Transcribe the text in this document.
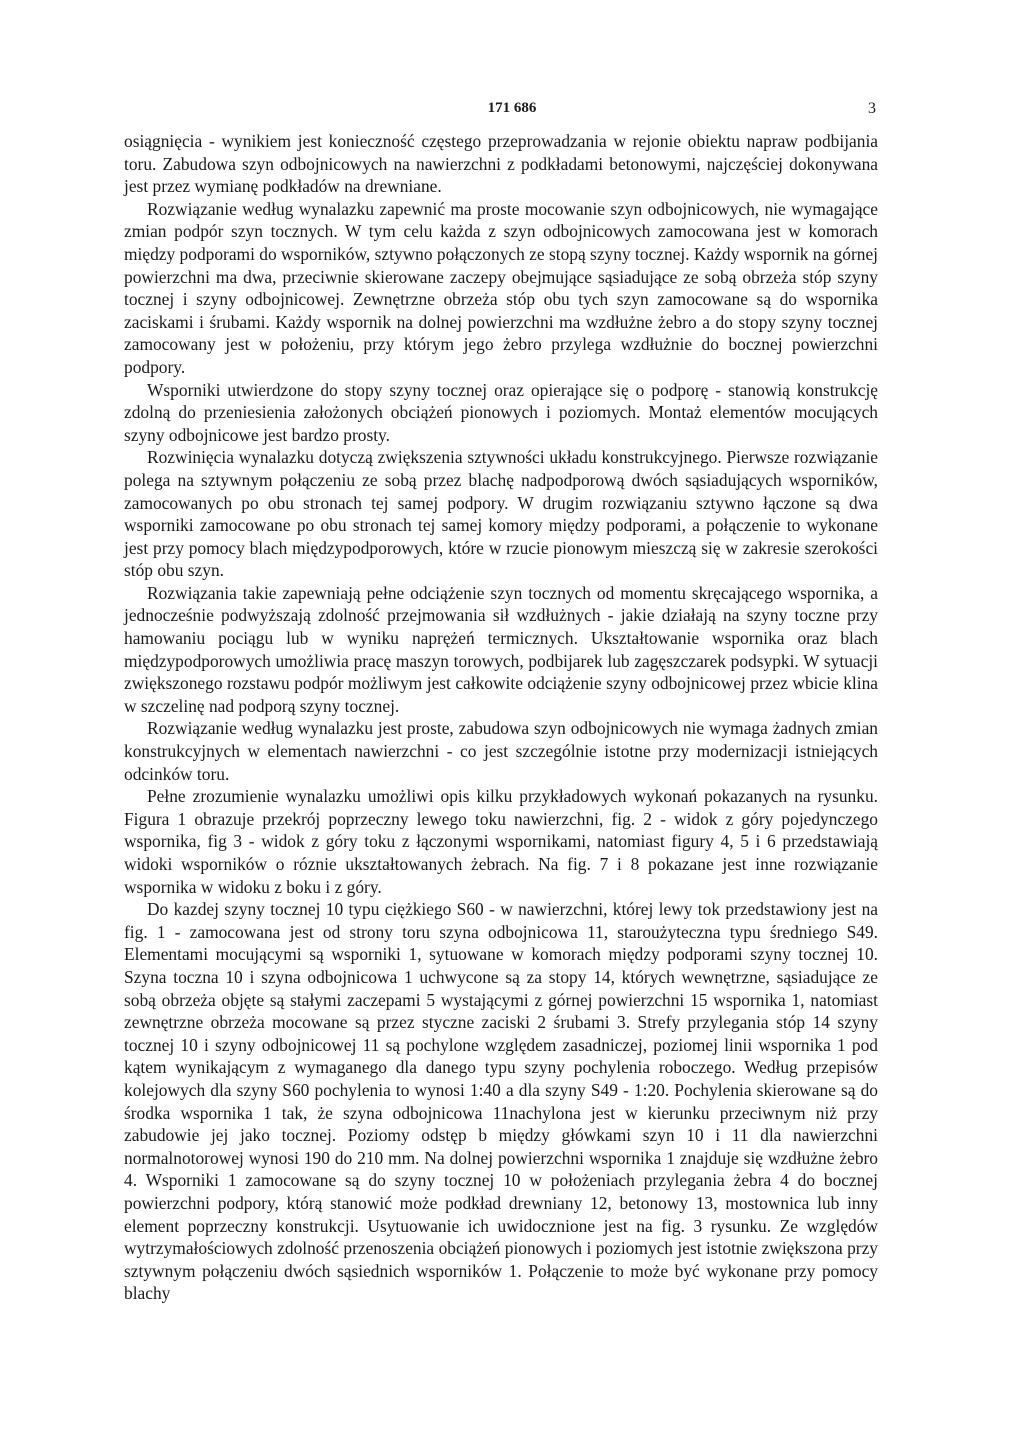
171 686	3

osiągnięcia - wynikiem jest konieczność częstego przeprowadzania w rejonie obiektu napraw podbijania toru. Zabudowa szyn odbojnicowych na nawierzchni z podkładami betonowymi, najczęściej dokonywana jest przez wymianę podkładów na drewniane.

Rozwiązanie według wynalazku zapewnić ma proste mocowanie szyn odbojnicowych, nie wymagające zmian podpór szyn tocznych. W tym celu każda z szyn odbojnicowych zamocowana jest w komorach między podporami do wsporników, sztywno połączonych ze stopą szyny tocznej. Każdy wspornik na górnej powierzchni ma dwa, przeciwnie skierowane zaczepy obejmujące sąsiadujące ze sobą obrzeża stóp szyny tocznej i szyny odbojnicowej. Zewnętrzne obrzeża stóp obu tych szyn zamocowane są do wspornika zaciskami i śrubami. Każdy wspornik na dolnej powierzchni ma wzdłużne żebro a do stopy szyny tocznej zamocowany jest w położeniu, przy którym jego żebro przylega wzdłużnie do bocznej powierzchni podpory.

Wsporniki utwierdzone do stopy szyny tocznej oraz opierające się o podporę - stanowią konstrukcję zdolną do przeniesienia założonych obciążeń pionowych i poziomych. Montaż elementów mocujących szyny odbojnicowe jest bardzo prosty.

Rozwinięcia wynalazku dotyczą zwiększenia sztywności układu konstrukcyjnego. Pierwsze rozwiązanie polega na sztywnym połączeniu ze sobą przez blachę nadpodporową dwóch sąsiadujących wsporników, zamocowanych po obu stronach tej samej podpory. W drugim rozwiązaniu sztywno łączone są dwa wsporniki zamocowane po obu stronach tej samej komory między podporami, a połączenie to wykonane jest przy pomocy blach międzypodporowych, które w rzucie pionowym mieszczą się w zakresie szerokości stóp obu szyn.

Rozwiązania takie zapewniają pełne odciążenie szyn tocznych od momentu skręcającego wspornika, a jednocześnie podwyższają zdolność przejmowania sił wzdłużnych - jakie działają na szyny toczne przy hamowaniu pociągu lub w wyniku naprężeń termicznych. Ukształtowanie wspornika oraz blach międzypodporowych umożliwia pracę maszyn torowych, podbijarek lub zagęszczarek podsypki. W sytuacji zwiększonego rozstawu podpór możliwym jest całkowite odciążenie szyny odbojnicowej przez wbicie klina w szczelinę nad podporą szyny tocznej.

Rozwiązanie według wynalazku jest proste, zabudowa szyn odbojnicowych nie wymaga żadnych zmian konstrukcyjnych w elementach nawierzchni - co jest szczególnie istotne przy modernizacji istniejących odcinków toru.

Pełne zrozumienie wynalazku umożliwi opis kilku przykładowych wykonań pokazanych na rysunku. Figura 1 obrazuje przekrój poprzeczny lewego toku nawierzchni, fig. 2 - widok z góry pojedynczego wspornika, fig 3 - widok z góry toku z łączonymi wspornikami, natomiast figury 4, 5 i 6 przedstawiają widoki wsporników o róznie ukształtowanych żebrach. Na fig. 7 i 8 pokazane jest inne rozwiązanie wspornika w widoku z boku i z góry.

Do kazdej szyny tocznej 10 typu ciężkiego S60 - w nawierzchni, której lewy tok przedstawiony jest na fig. 1 - zamocowana jest od strony toru szyna odbojnicowa 11, staroużyteczna typu średniego S49. Elementami mocującymi są wsporniki 1, sytuowane w komorach między podporami szyny tocznej 10. Szyna toczna 10 i szyna odbojnicowa 1 uchwycone są za stopy 14, których wewnętrzne, sąsiadujące ze sobą obrzeża objęte są stałymi zaczepami 5 wystającymi z górnej powierzchni 15 wspornika 1, natomiast zewnętrzne obrzeża mocowane są przez styczne zaciski 2 śrubami 3. Strefy przylegania stóp 14 szyny tocznej 10 i szyny odbojnicowej 11 są pochylone względem zasadniczej, poziomej linii wspornika 1 pod kątem wynikającym z wymaganego dla danego typu szyny pochylenia roboczego. Według przepisów kolejowych dla szyny S60 pochylenia to wynosi 1:40 a dla szyny S49 - 1:20. Pochylenia skierowane są do środka wspornika 1 tak, że szyna odbojnicowa 11nachylona jest w kierunku przeciwnym niż przy zabudowie jej jako tocznej. Poziomy odstęp b między główkami szyn 10 i 11 dla nawierzchni normalnotorowej wynosi 190 do 210 mm. Na dolnej powierzchni wspornika 1 znajduje się wzdłużne żebro 4. Wsporniki 1 zamocowane są do szyny tocznej 10 w położeniach przylegania żebra 4 do bocznej powierzchni podpory, którą stanowić może podkład drewniany 12, betonowy 13, mostownica lub inny element poprzeczny konstrukcji. Usytuowanie ich uwidocznione jest na fig. 3 rysunku. Ze względów wytrzymałościowych zdolność przenoszenia obciążeń pionowych i poziomych jest istotnie zwiększona przy sztywnym połączeniu dwóch sąsiednich wsporników 1. Połączenie to może być wykonane przy pomocy blachy
